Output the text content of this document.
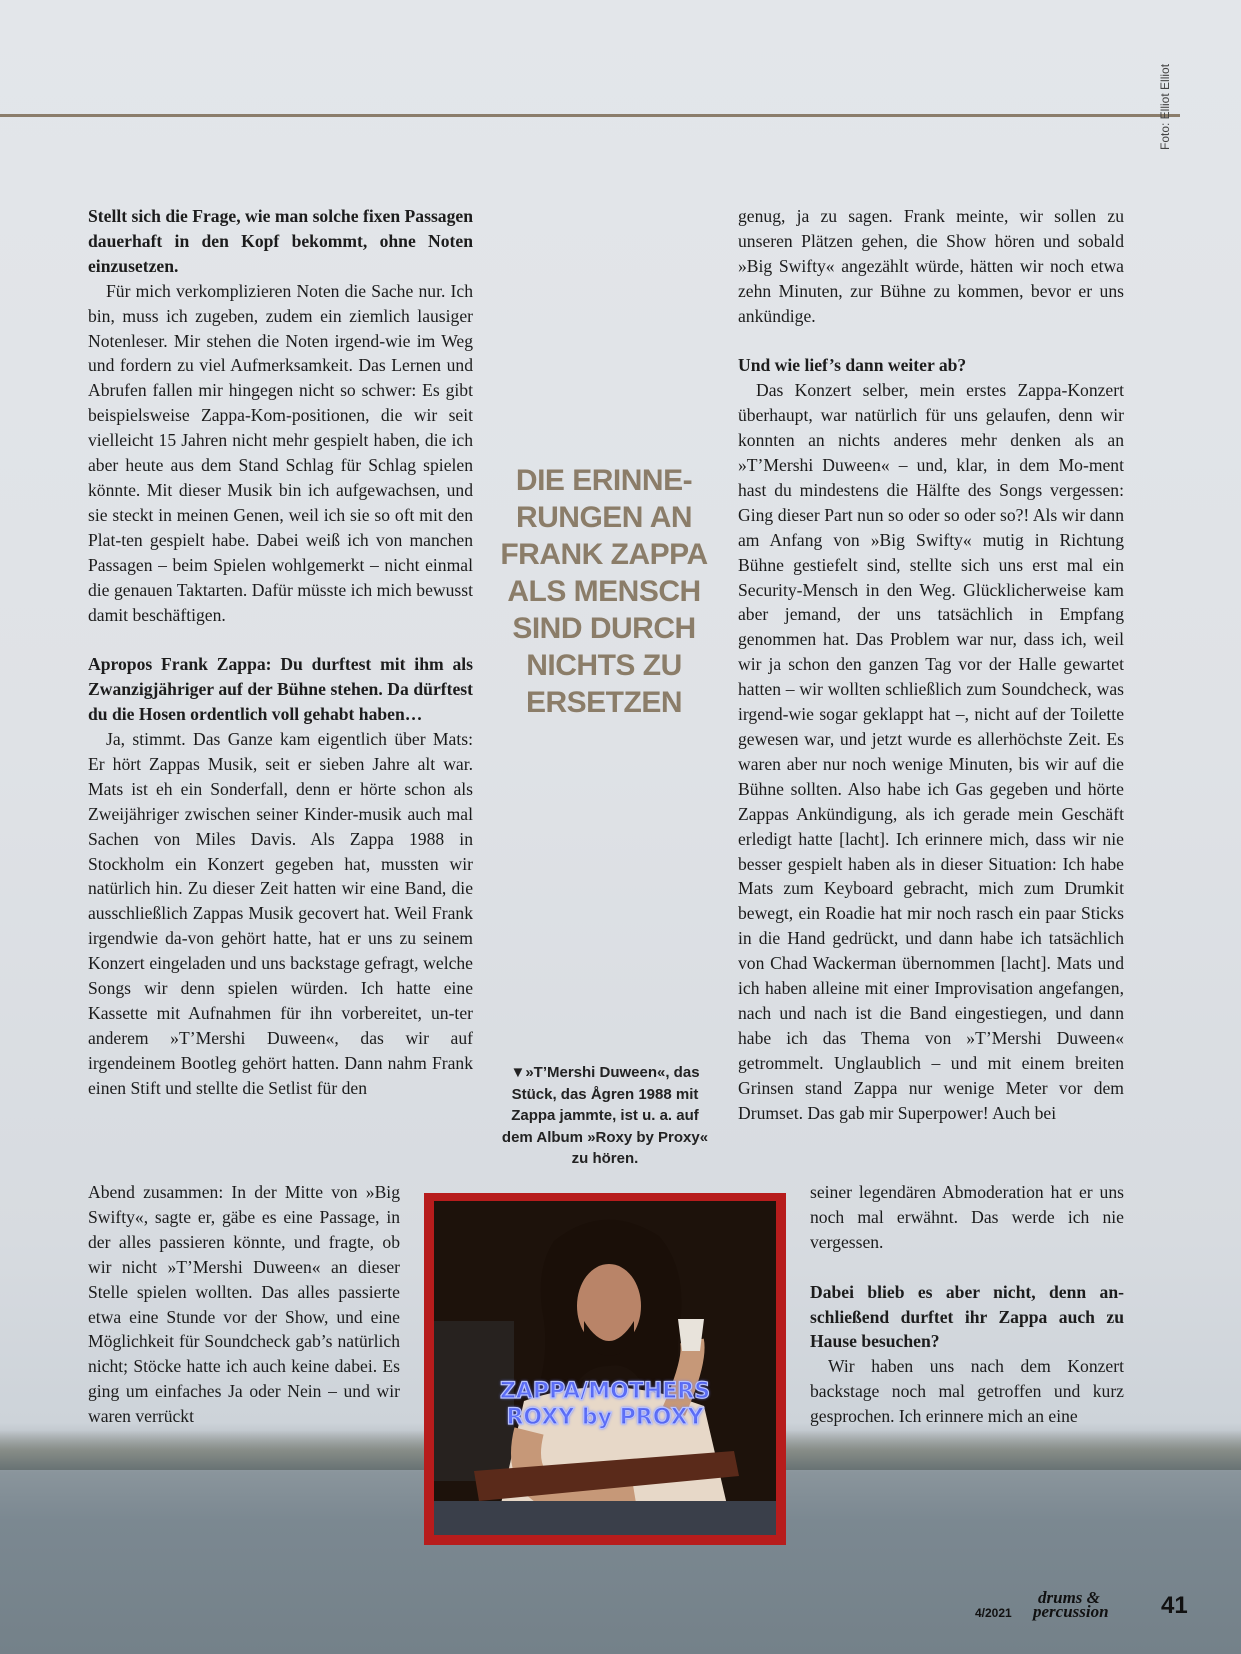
Foto: Elliot Elliot
Stellt sich die Frage, wie man solche fixen Passagen dauerhaft in den Kopf bekommt, ohne Noten einzusetzen.

Für mich verkomplizieren Noten die Sache nur. Ich bin, muss ich zugeben, zudem ein ziemlich lausiger Notenleser. Mir stehen die Noten irgend-wie im Weg und fordern zu viel Aufmerksamkeit. Das Lernen und Abrufen fallen mir hingegen nicht so schwer: Es gibt beispielsweise Zappa-Kom-positionen, die wir seit vielleicht 15 Jahren nicht mehr gespielt haben, die ich aber heute aus dem Stand Schlag für Schlag spielen könnte. Mit dieser Musik bin ich aufgewachsen, und sie steckt in meinen Genen, weil ich sie so oft mit den Plat-ten gespielt habe. Dabei weiß ich von manchen Passagen – beim Spielen wohlgemerkt – nicht einmal die genauen Taktarten. Dafür müsste ich mich bewusst damit beschäftigen.

Apropos Frank Zappa: Du durftest mit ihm als Zwanzigjähriger auf der Bühne stehen. Da dürftest du die Hosen ordentlich voll gehabt haben…

Ja, stimmt. Das Ganze kam eigentlich über Mats: Er hört Zappas Musik, seit er sieben Jahre alt war. Mats ist eh ein Sonderfall, denn er hörte schon als Zweijähriger zwischen seiner Kinder-musik auch mal Sachen von Miles Davis. Als Zappa 1988 in Stockholm ein Konzert gegeben hat, mussten wir natürlich hin. Zu dieser Zeit hatten wir eine Band, die ausschließlich Zappas Musik gecovert hat. Weil Frank irgendwie da-von gehört hatte, hat er uns zu seinem Konzert eingeladen und uns backstage gefragt, welche Songs wir denn spielen würden. Ich hatte eine Kassette mit Aufnahmen für ihn vorbereitet, un-ter anderem »T’Mershi Duween«, das wir auf irgendeinem Bootleg gehört hatten. Dann nahm Frank einen Stift und stellte die Setlist für den

Abend zusammen: In der Mitte von »Big Swifty«, sagte er, gäbe es eine Passage, in der alles passieren könnte, und fragte, ob wir nicht »T’Mershi Duween« an dieser Stelle spielen wollten. Das alles passierte etwa eine Stunde vor der Show, und eine Möglichkeit für Soundcheck gab’s natürlich nicht; Stöcke hatte ich auch keine dabei. Es ging um einfaches Ja oder Nein – und wir waren verrückt

DIE ERINNE-RUNGEN AN FRANK ZAPPA ALS MENSCH SIND DURCH NICHTS ZU ERSETZEN
▼»T’Mershi Duween«, das Stück, das Ågren 1988 mit Zappa jammte, ist u. a. auf dem Album »Roxy by Proxy« zu hören.
ZAPPA/MOTHERS
ROXY by PROXY

genug, ja zu sagen. Frank meinte, wir sollen zu unseren Plätzen gehen, die Show hören und sobald »Big Swifty« angezählt würde, hätten wir noch etwa zehn Minuten, zur Bühne zu kommen, bevor er uns ankündige.

Und wie lief’s dann weiter ab?

Das Konzert selber, mein erstes Zappa-Konzert überhaupt, war natürlich für uns gelaufen, denn wir konnten an nichts anderes mehr denken als an »T’Mershi Duween« – und, klar, in dem Mo-ment hast du mindestens die Hälfte des Songs vergessen: Ging dieser Part nun so oder so oder so?! Als wir dann am Anfang von »Big Swifty« mutig in Richtung Bühne gestiefelt sind, stellte sich uns erst mal ein Security-Mensch in den Weg. Glücklicherweise kam aber jemand, der uns tatsächlich in Empfang genommen hat. Das Problem war nur, dass ich, weil wir ja schon den ganzen Tag vor der Halle gewartet hatten – wir wollten schließlich zum Soundcheck, was irgend-wie sogar geklappt hat –, nicht auf der Toilette gewesen war, und jetzt wurde es allerhöchste Zeit. Es waren aber nur noch wenige Minuten, bis wir auf die Bühne sollten. Also habe ich Gas gegeben und hörte Zappas Ankündigung, als ich gerade mein Geschäft erledigt hatte [lacht]. Ich erinnere mich, dass wir nie besser gespielt haben als in dieser Situation: Ich habe Mats zum Keyboard gebracht, mich zum Drumkit bewegt, ein Roadie hat mir noch rasch ein paar Sticks in die Hand gedrückt, und dann habe ich tatsächlich von Chad Wackerman übernommen [lacht]. Mats und ich haben alleine mit einer Improvisation angefangen, nach und nach ist die Band eingestiegen, und dann habe ich das Thema von »T’Mershi Duween« getrommelt. Unglaublich – und mit einem breiten Grinsen stand Zappa nur wenige Meter vor dem Drumset. Das gab mir Superpower! Auch bei

seiner legendären Abmoderation hat er uns noch mal erwähnt. Das werde ich nie vergessen.

Dabei blieb es aber nicht, denn an-schließend durftet ihr Zappa auch zu Hause besuchen?

Wir haben uns nach dem Konzert backstage noch mal getroffen und kurz gesprochen. Ich erinnere mich an eine

4/2021
drums &
percussion 41
